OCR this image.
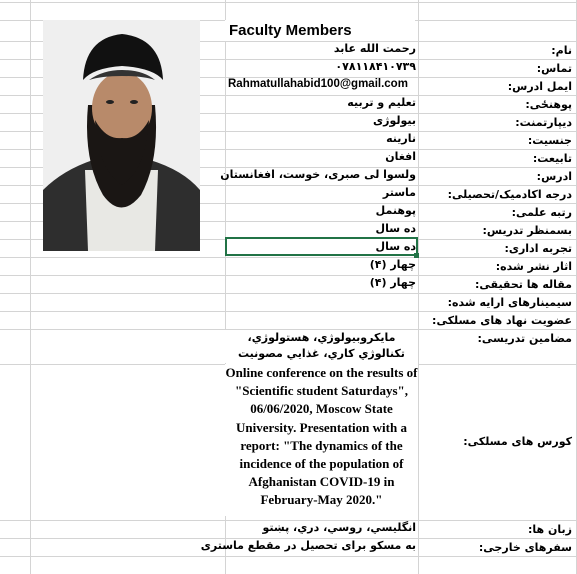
Faculty Members
نام:
رحمت الله عابد
تماس:
۰۷۸۱۱۸۴۱۰۷۳۹
ایمل ادرس:
Rahmatullahabid100@gmail.com
پوهنځی:
تعلیم و تربیه
دیپارتمنت:
بیولوژی
جنسیت:
نارینه
تابیعت:
افغان
ادرس:
ولسوا لی صبری، خوست، افغانستان
درجه اکادمیک/تحصیلی:
ماستر
رتبه علمی:
پوهنمل
بسمنظر تدریس:
ده سال
تجربه اداری:
ده سال
اثار نشر شده:
چهار (۴)
مقاله ها تحقیقی:
چهار (۴)
سیمینارهای ارایه شده:
عضویت نهاد های مسلکی:
مضامین تدریسی:
مایکروبیولوژي، هستولوژي، تکنالوژي کاري، غذايي مصونيت
کورس های مسلکی:
Online conference on the results of "Scientific student Saturdays", 06/06/2020, Moscow State University. Presentation with a report: "The dynamics of the incidence of the population of Afghanistan COVID-19 in February-May 2020."
زبان ها:
انگلیسي، روسي، دري، پښتو
سفرهای خارجی:
به مسکو برای تحصیل در مقطع ماستری
